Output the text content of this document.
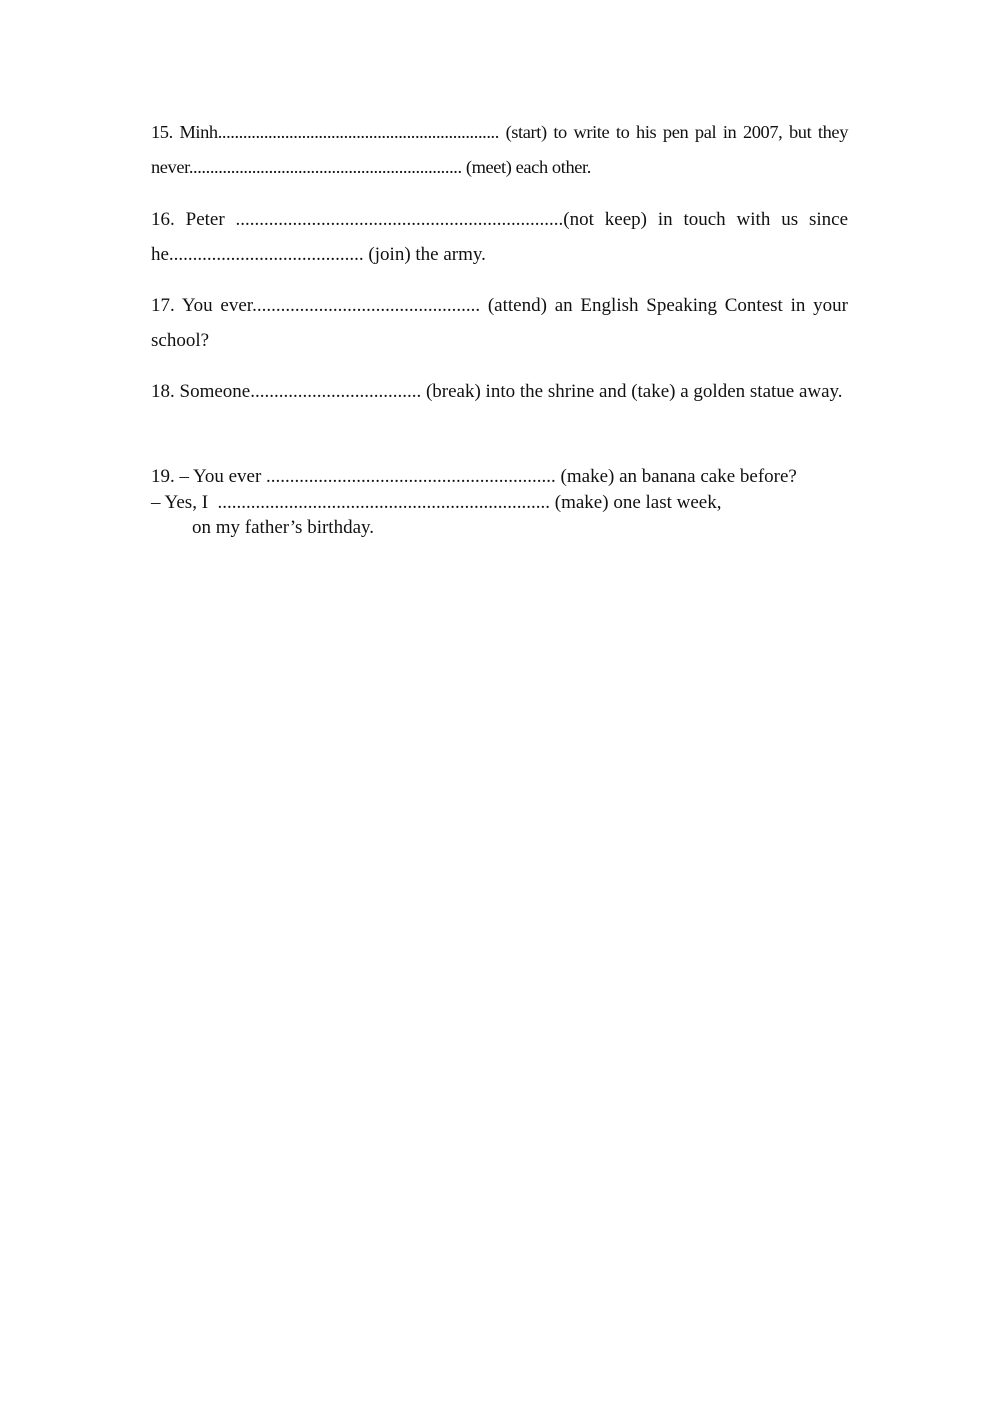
15. Minh................................................................... (start) to write to his pen pal in 2007, but they never................................................................. (meet) each other.
16. Peter .....................................................................(not keep) in touch with us since he......................................... (join) the army.
17. You ever................................................ (attend) an English Speaking Contest in your school?
18. Someone.................................... (break) into the shrine and (take) a golden statue away.
19. – You ever ............................................................. (make) an banana cake before?
– Yes, I  ...................................................................... (make) one last week,
on my father’s birthday.
